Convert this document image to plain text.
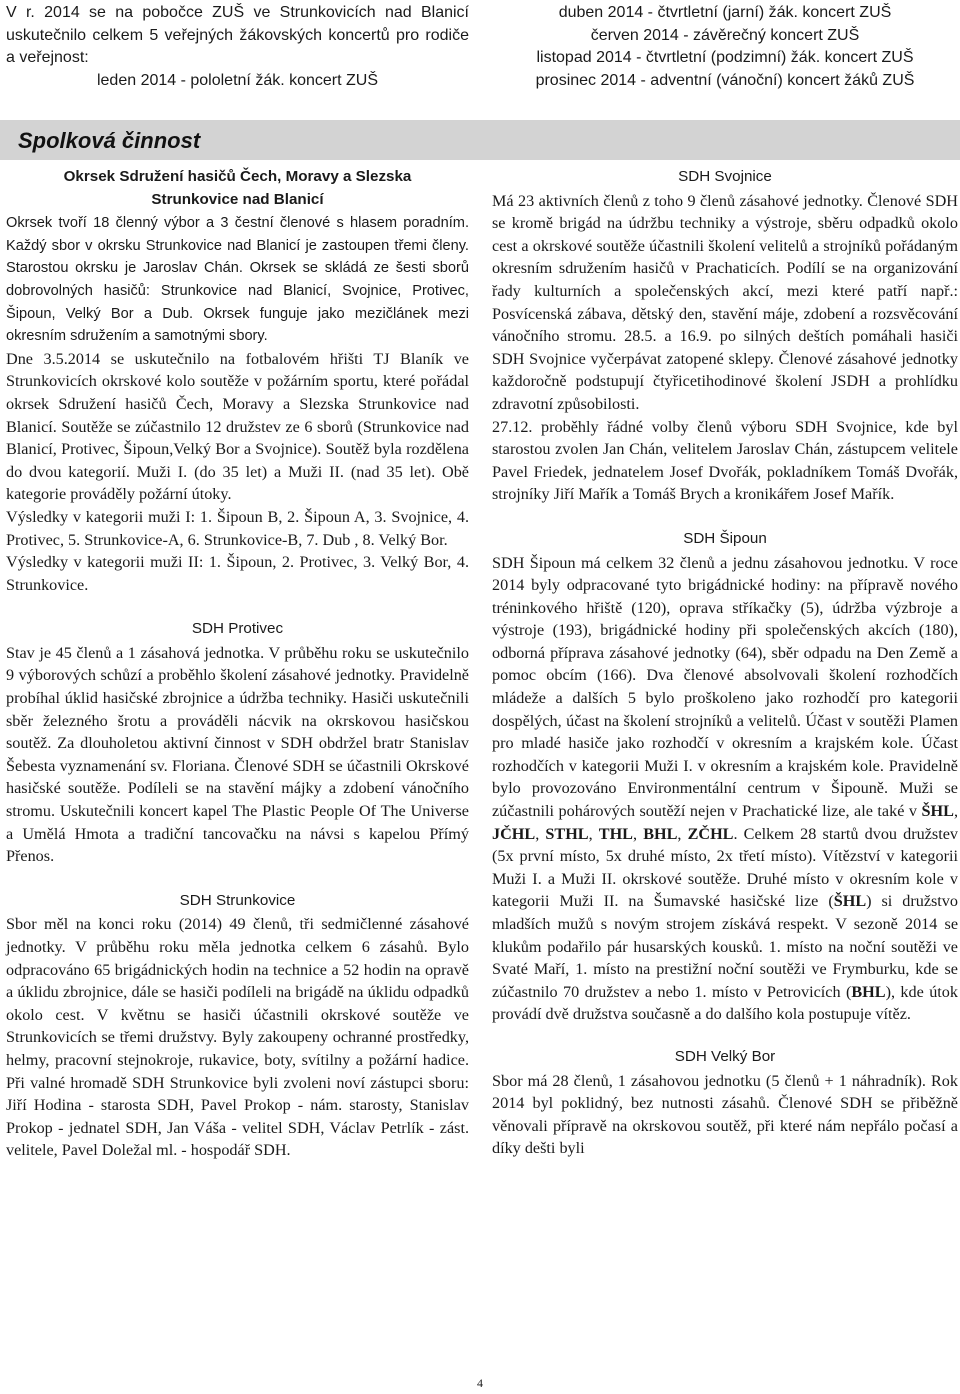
V r. 2014 se na pobočce ZUŠ ve Strunkovicích nad Blanicí uskutečnilo celkem 5 veřejných žákovských koncertů pro rodiče a veřejnost:

leden 2014 - pololetní žák. koncert ZUŠ

duben 2014 - čtvrtletní (jarní) žák. koncert ZUŠ

červen 2014 - závěrečný koncert ZUŠ

listopad 2014 - čtvrtletní (podzimní) žák. koncert ZUŠ

prosinec 2014 - adventní (vánoční) koncert žáků ZUŠ

Spolková činnost

Okrsek Sdružení hasičů Čech, Moravy a Slezska
Strunkovice nad Blanicí

Okrsek tvoří 18 členný výbor a 3 čestní členové s hlasem poradním. Každý sbor v okrsku Strunkovice nad Blanicí je zastoupen třemi členy. Starostou okrsku je Jaroslav Chán. Okrsek se skládá ze šesti sborů dobrovolných hasičů: Strunkovice nad Blanicí, Svojnice, Protivec, Šipoun, Velký Bor a Dub. Okrsek funguje jako mezičlánek mezi okresním sdružením a samotnými sbory.

Dne 3.5.2014 se uskutečnilo na fotbalovém hřišti TJ Blaník ve Strunkovicích okrskové kolo soutěže v požárním sportu, které pořádal okrsek Sdružení hasičů Čech, Moravy a Slezska Strunkovice nad Blanicí. Soutěže se zúčastnilo 12 družstev ze 6 sborů (Strunkovice nad Blanicí, Protivec, Šipoun,Velký Bor a Svojnice). Soutěž byla rozdělena do dvou kategorií. Muži I. (do 35 let) a Muži II. (nad 35 let). Obě kategorie prováděly požární útoky.

Výsledky v kategorii muži I: 1. Šipoun B, 2. Šipoun A, 3. Svojnice, 4. Protivec, 5. Strunkovice-A, 6. Strunkovice-B, 7. Dub , 8. Velký Bor.

Výsledky v kategorii muži II: 1. Šipoun, 2. Protivec, 3. Velký Bor, 4. Strunkovice.

SDH Protivec

Stav je 45 členů a 1 zásahová jednotka. V průběhu roku se uskutečnilo 9 výborových schůzí a proběhlo školení zásahové jednotky. Pravidelně probíhal úklid hasičské zbrojnice a údržba techniky. Hasiči uskutečnili sběr železného šrotu a prováděli nácvik na okrskovou hasičskou soutěž. Za dlouholetou aktivní činnost v SDH obdržel bratr Stanislav Šebesta vyznamenání sv. Floriana. Členové SDH se účastnili Okrskové hasičské soutěže. Podíleli se na stavění májky a zdobení vánočního stromu. Uskutečnili koncert kapel The Plastic People Of The Universe a Umělá Hmota a tradiční tancovačku na návsi s kapelou Přímý Přenos.

SDH Strunkovice

Sbor měl na konci roku (2014) 49 členů, tři sedmičlenné zásahové jednotky. V průběhu roku měla jednotka celkem 6 zásahů. Bylo odpracováno 65 brigádnických hodin na technice a 52 hodin na opravě a úklidu zbrojnice, dále se hasiči podíleli na brigádě na úklidu odpadků okolo cest. V květnu se hasiči účastnili okrskové soutěže ve Strunkovicích se třemi družstvy. Byly zakoupeny ochranné prostředky, helmy, pracovní stejnokroje, rukavice, boty, svítilny a požární hadice. Při valné hromadě SDH Strunkovice byli zvoleni noví zástupci sboru: Jiří Hodina - starosta SDH, Pavel Prokop - nám. starosty, Stanislav Prokop - jednatel SDH, Jan Váša - velitel SDH, Václav Petrlík - zást. velitele, Pavel Doležal ml. - hospodář SDH.

SDH Svojnice

Má 23 aktivních členů z toho 9 členů zásahové jednotky. Členové SDH se kromě brigád na údržbu techniky a výstroje, sběru odpadků okolo cest a okrskové soutěže účastnili školení velitelů a strojníků pořádaným okresním sdružením hasičů v Prachaticích. Podílí se na organizování řady kulturních a společenských akcí, mezi které patří např.: Posvícenská zábava, dětský den, stavění máje, zdobení a rozsvěcování vánočního stromu. 28.5. a 16.9. po silných deštích pomáhali hasiči SDH Svojnice vyčerpávat zatopené sklepy. Členové zásahové jednotky každoročně podstupují čtyřicetihodinové školení JSDH a prohlídku zdravotní způsobilosti.

27.12. proběhly řádné volby členů výboru SDH Svojnice, kde byl starostou zvolen Jan Chán, velitelem Jaroslav Chán, zástupcem velitele Pavel Friedek, jednatelem Josef Dvořák, pokladníkem Tomáš Dvořák, strojníky Jiří Mařík a Tomáš Brych a kronikářem Josef Mařík.

SDH Šipoun

SDH Šipoun má celkem 32 členů a jednu zásahovou jednotku. V roce 2014 byly odpracované tyto brigádnické hodiny: na přípravě nového tréninkového hřiště (120), oprava stříkačky (5), údržba výzbroje a výstroje (193), brigádnické hodiny při společenských akcích (180), odborná příprava zásahové jednotky (64), sběr odpadu na Den Země a pomoc obcím (166). Dva členové absolvovali školení rozhodčích mládeže a dalších 5 bylo proškoleno jako rozhodčí pro kategorii dospělých, účast na školení strojníků a velitelů. Účast v soutěži Plamen pro mladé hasiče jako rozhodčí v okresním a krajském kole. Účast rozhodčích v kategorii Muži I. v okresním a krajském kole. Pravidelně bylo provozováno Environmentální centrum v Šipouně. Muži se zúčastnili pohárových soutěží nejen v Prachatické lize, ale také v ŠHL, JČHL, STHL, THL, BHL, ZČHL. Celkem 28 startů dvou družstev (5x první místo, 5x druhé místo, 2x třetí místo). Vítězství v kategorii Muži I. a Muži II. okrskové soutěže. Druhé místo v okresním kole v kategorii Muži II. na Šumavské hasičské lize (ŠHL) si družstvo mladších mužů s novým strojem získává respekt. V sezoně 2014 se klukům podařilo pár husarských kousků. 1. místo na noční soutěži ve Svaté Maří, 1. místo na prestižní noční soutěži ve Frymburku, kde se zúčastnilo 70 družstev a nebo 1. místo v Petrovicích (BHL), kde útok provádí dvě družstva současně a do dalšího kola postupuje vítěz.

SDH Velký Bor

Sbor má 28 členů, 1 zásahovou jednotku (5 členů + 1 náhradník). Rok 2014 byl poklidný, bez nutnosti zásahů. Členové SDH se přiběžně věnovali přípravě na okrskovou soutěž, při které nám nepřálo počasí a díky dešti byli

4
